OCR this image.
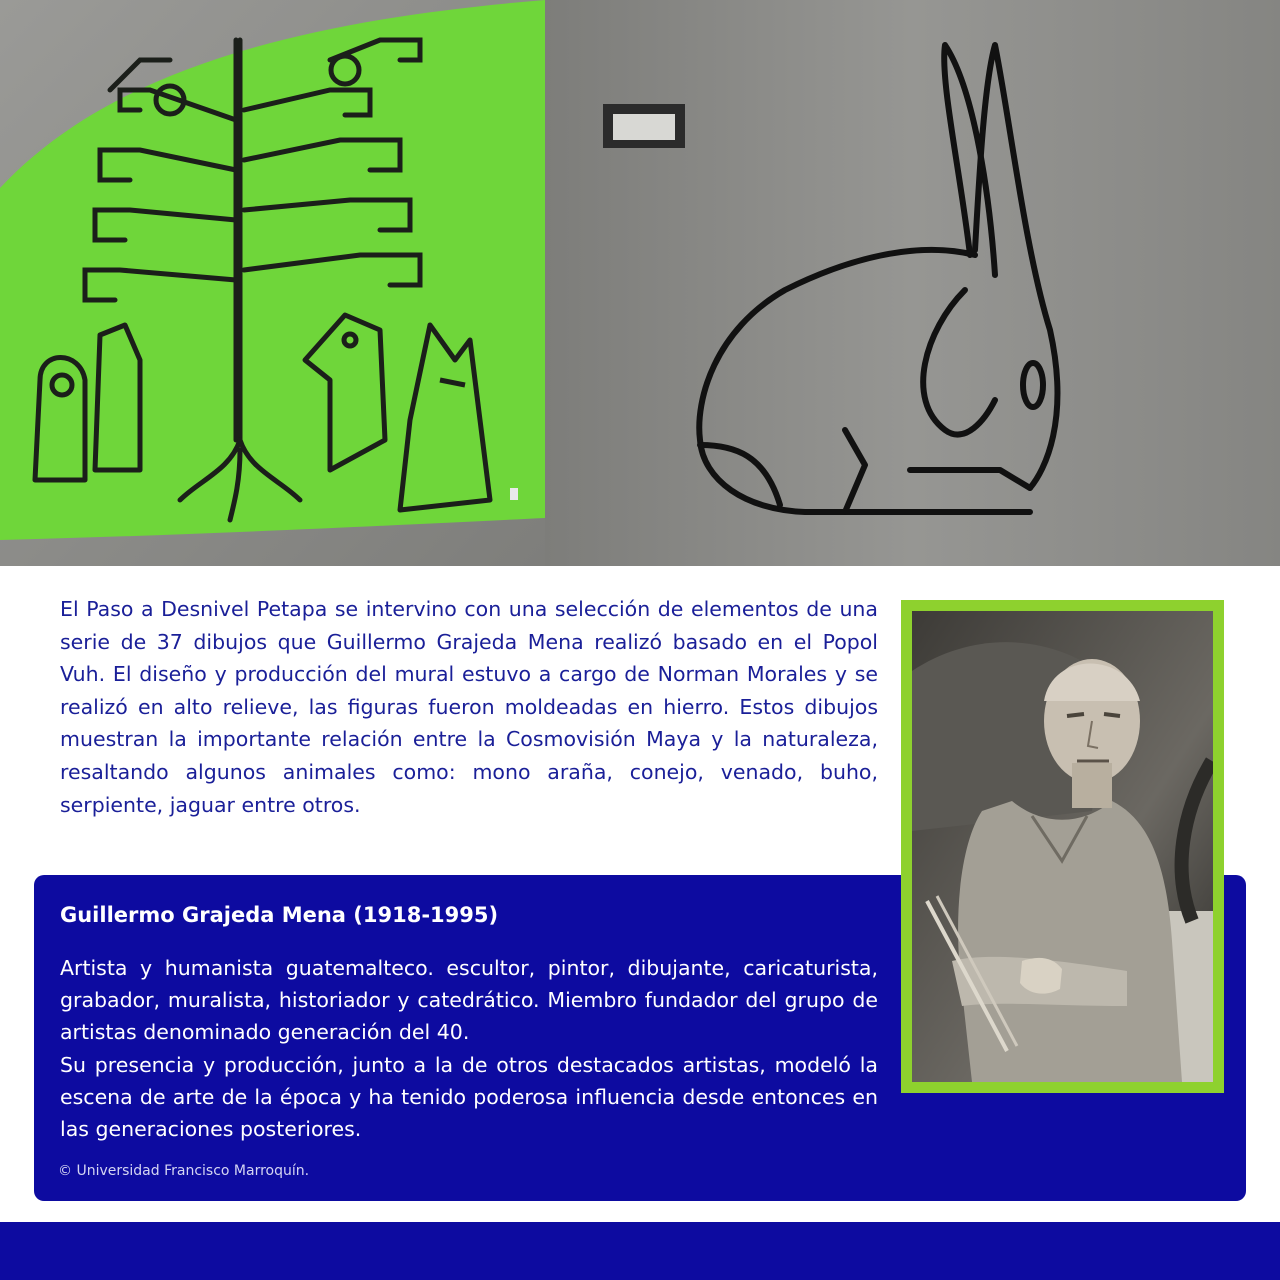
El Paso a Desnivel Petapa se intervino con una selección de elementos de una serie de 37 dibujos que Guillermo Grajeda Mena realizó basado en el Popol Vuh. El diseño y producción del mural estuvo a cargo de Norman Morales y se realizó en alto relieve, las figuras fueron moldeadas en hierro. Estos dibujos muestran la importante relación entre la Cosmovisión Maya y la naturaleza, resaltando algunos animales como: mono araña, conejo, venado, buho, serpiente, jaguar entre otros.

Guillermo Grajeda Mena (1918-1995)

Artista y humanista guatemalteco. escultor, pintor, dibujante, caricaturista, grabador, muralista, historiador y catedrático. Miembro fundador del grupo de artistas denominado generación del 40.
Su presencia y producción, junto a la de otros destacados artistas, modeló la escena de arte de la época y ha tenido poderosa influencia desde entonces en las generaciones posteriores.

© Universidad Francisco Marroquín.
